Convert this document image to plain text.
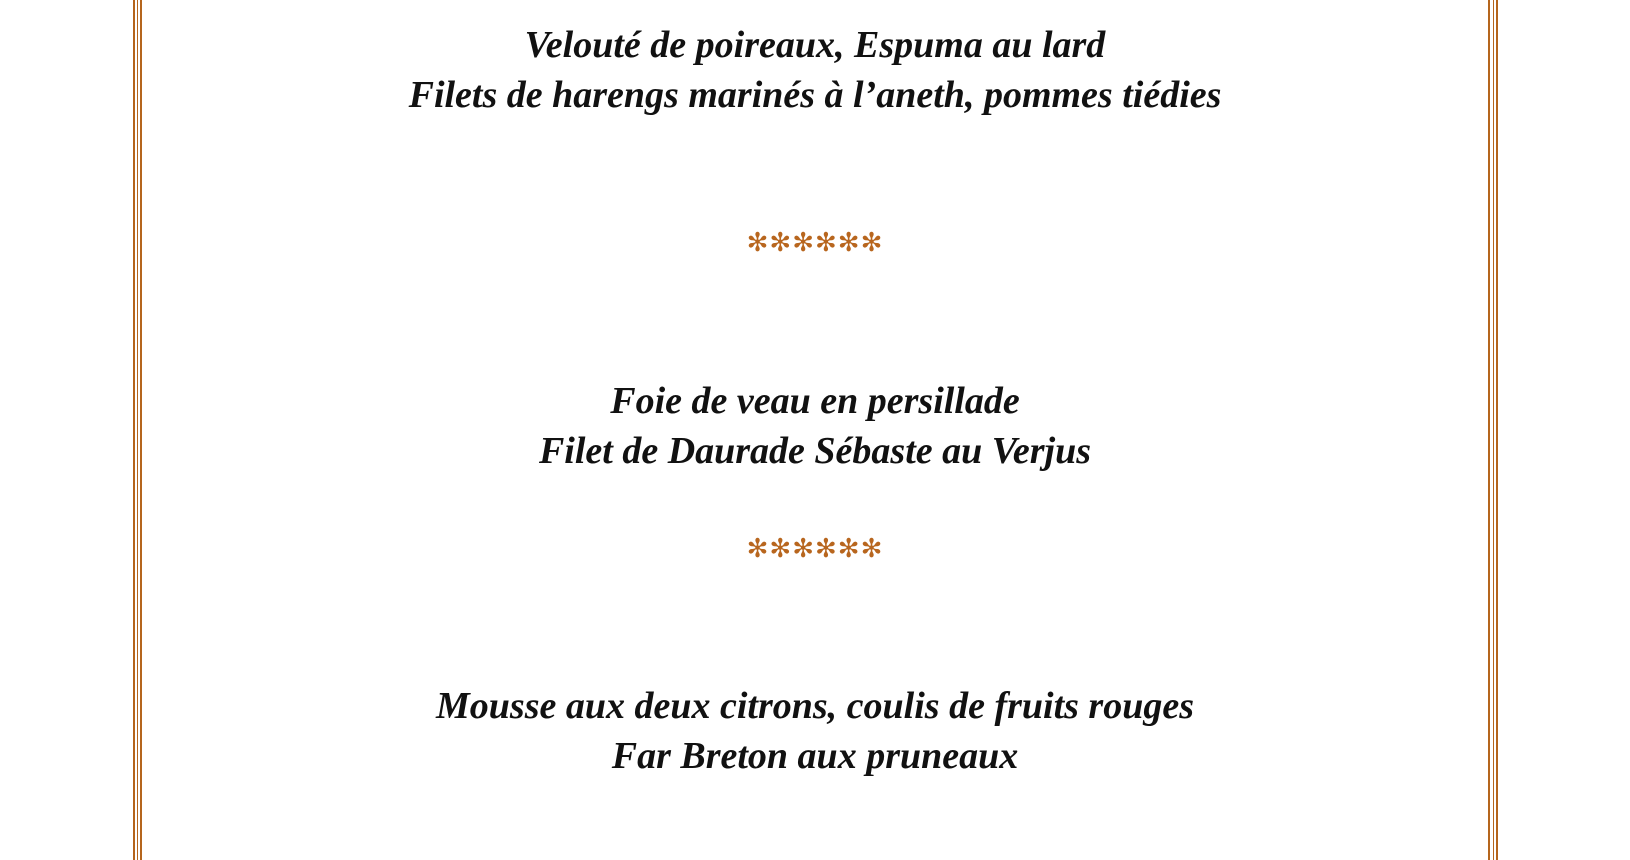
Velouté de poireaux, Espuma au lard
Filets de harengs marinés à l’aneth, pommes tiédies
✻✻✻✻✻✻
Foie de veau en persillade
Filet de Daurade Sébaste au Verjus
✻✻✻✻✻✻
Mousse aux deux citrons, coulis de fruits rouges
Far Breton aux pruneaux
